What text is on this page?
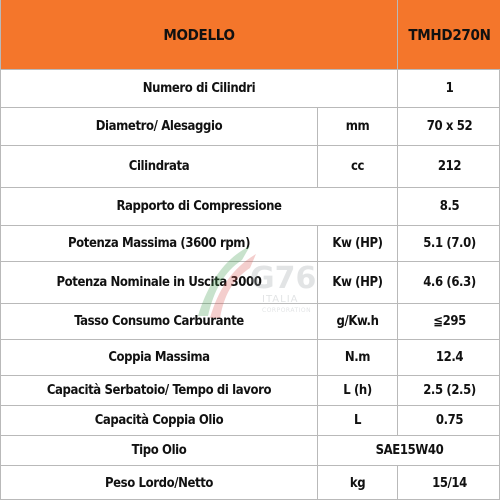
MODELLO	TMHD270N
Numero di Cilindri	1
Diametro/ Alesaggio	mm	70 x 52
Cilindrata	cc	212
Rapporto di Compressione	8.5
Potenza Massima (3600 rpm)	Kw (HP)	5.1 (7.0)
Potenza Nominale in Uscita 3000	Kw (HP)	4.6 (6.3)
Tasso Consumo Carburante	g/Kw.h	≦295
Coppia Massima	N.m	12.4
Capacità Serbatoio/ Tempo di lavoro	L (h)	2.5 (2.5)
Capacità Coppia Olio	L	0.75
Tipo Olio	SAE15W40
Peso Lordo/Netto	kg	15/14
G76
ITALIA
CORPORATION
